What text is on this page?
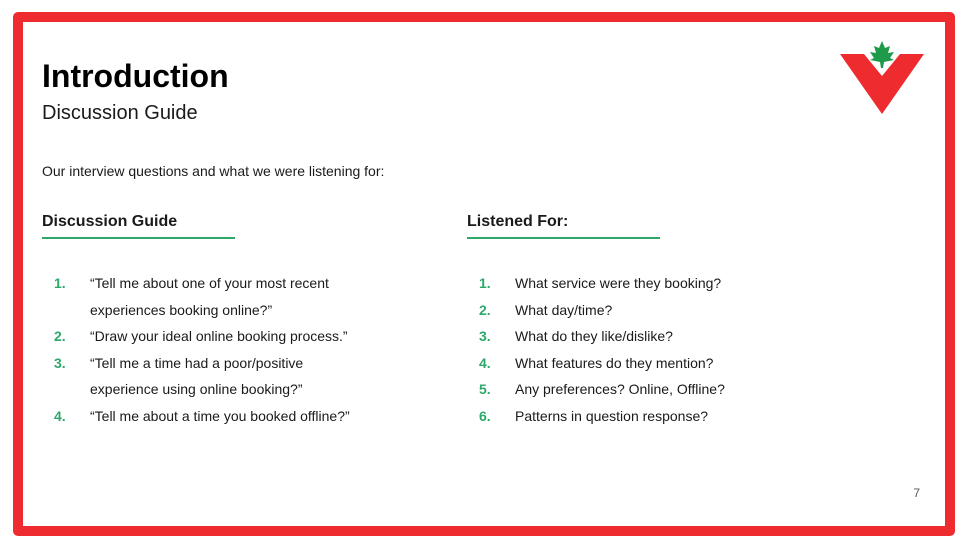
Introduction
Discussion Guide

Our interview questions and what we were listening for:

Discussion Guide
1. “Tell me about one of your most recent experiences booking online?”
2. “Draw your ideal online booking process.”
3. “Tell me a time had a poor/positive experience using online booking?”
4. “Tell me about a time you booked offline?”
Listened For:
1. What service were they booking?
2. What day/time?
3. What do they like/dislike?
4. What features do they mention?
5. Any preferences? Online, Offline?
6. Patterns in question response?
7
